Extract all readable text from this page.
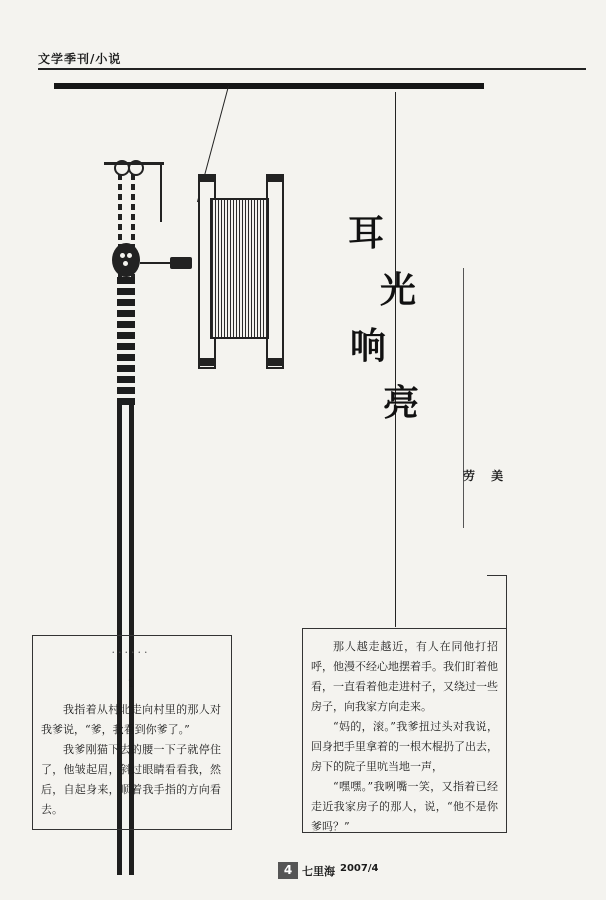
文学季刊/小说
耳
光
响
亮
劳 美
......
1

我指着从村北走向村里的那人对我爹说，“爹，我看到你爹了。”

我爹刚猫下去的腰一下子就停住了，他皱起眉，斜过眼睛看看我，然后，自起身来，顺着我手指的方向看去。

那人越走越近，有人在同他打招呼，他漫不经心地摆着手。我们盯着他看，一直看着他走进村子，又绕过一些房子，向我家方向走来。

“妈的，滚。”我爹扭过头对我说，回身把手里拿着的一根木棍扔了出去，房下的院子里吭当地一声，

“嘿嘿。”我咧嘴一笑，又指着已经走近我家房子的那人，说，“他不是你爹吗？”

4 七里海 2007/4
